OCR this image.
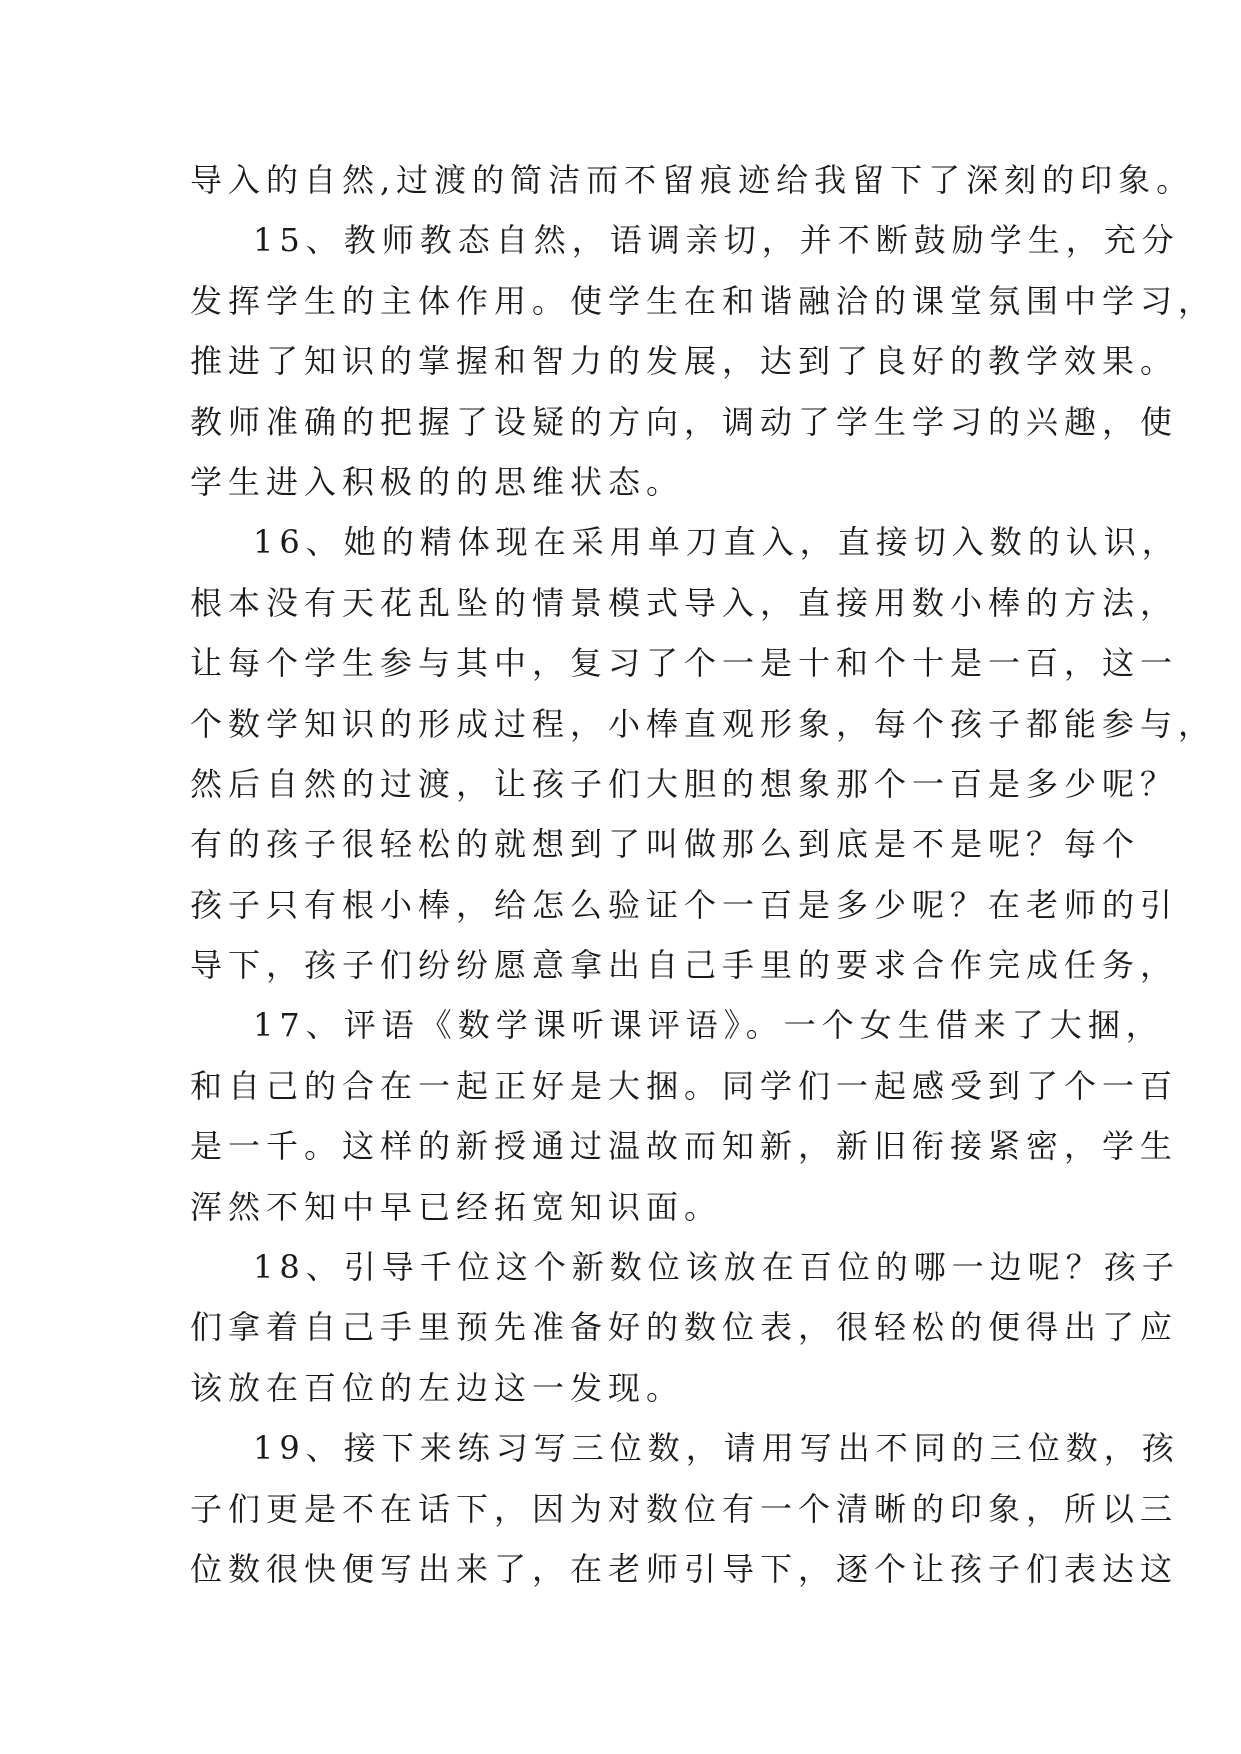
导入的自然,过渡的简洁而不留痕迹给我留下了深刻的印象。
15、教师教态自然，语调亲切，并不断鼓励学生，充分
发挥学生的主体作用。使学生在和谐融洽的课堂氛围中学习，
推进了知识的掌握和智力的发展，达到了良好的教学效果。
教师准确的把握了设疑的方向，调动了学生学习的兴趣，使
学生进入积极的的思维状态。
16、她的精体现在采用单刀直入，直接切入数的认识，
根本没有天花乱坠的情景模式导入，直接用数小棒的方法，
让每个学生参与其中，复习了个一是十和个十是一百，这一
个数学知识的形成过程，小棒直观形象，每个孩子都能参与，
然后自然的过渡，让孩子们大胆的想象那个一百是多少呢？
有的孩子很轻松的就想到了叫做那么到底是不是呢？每个
孩子只有根小棒，给怎么验证个一百是多少呢？在老师的引
导下，孩子们纷纷愿意拿出自己手里的要求合作完成任务，
17、评语《数学课听课评语》。一个女生借来了大捆，
和自己的合在一起正好是大捆。同学们一起感受到了个一百
是一千。这样的新授通过温故而知新，新旧衔接紧密，学生
浑然不知中早已经拓宽知识面。
18、引导千位这个新数位该放在百位的哪一边呢？孩子
们拿着自己手里预先准备好的数位表，很轻松的便得出了应
该放在百位的左边这一发现。
19、接下来练习写三位数，请用写出不同的三位数，孩
子们更是不在话下，因为对数位有一个清晰的印象，所以三
位数很快便写出来了，在老师引导下，逐个让孩子们表达这
